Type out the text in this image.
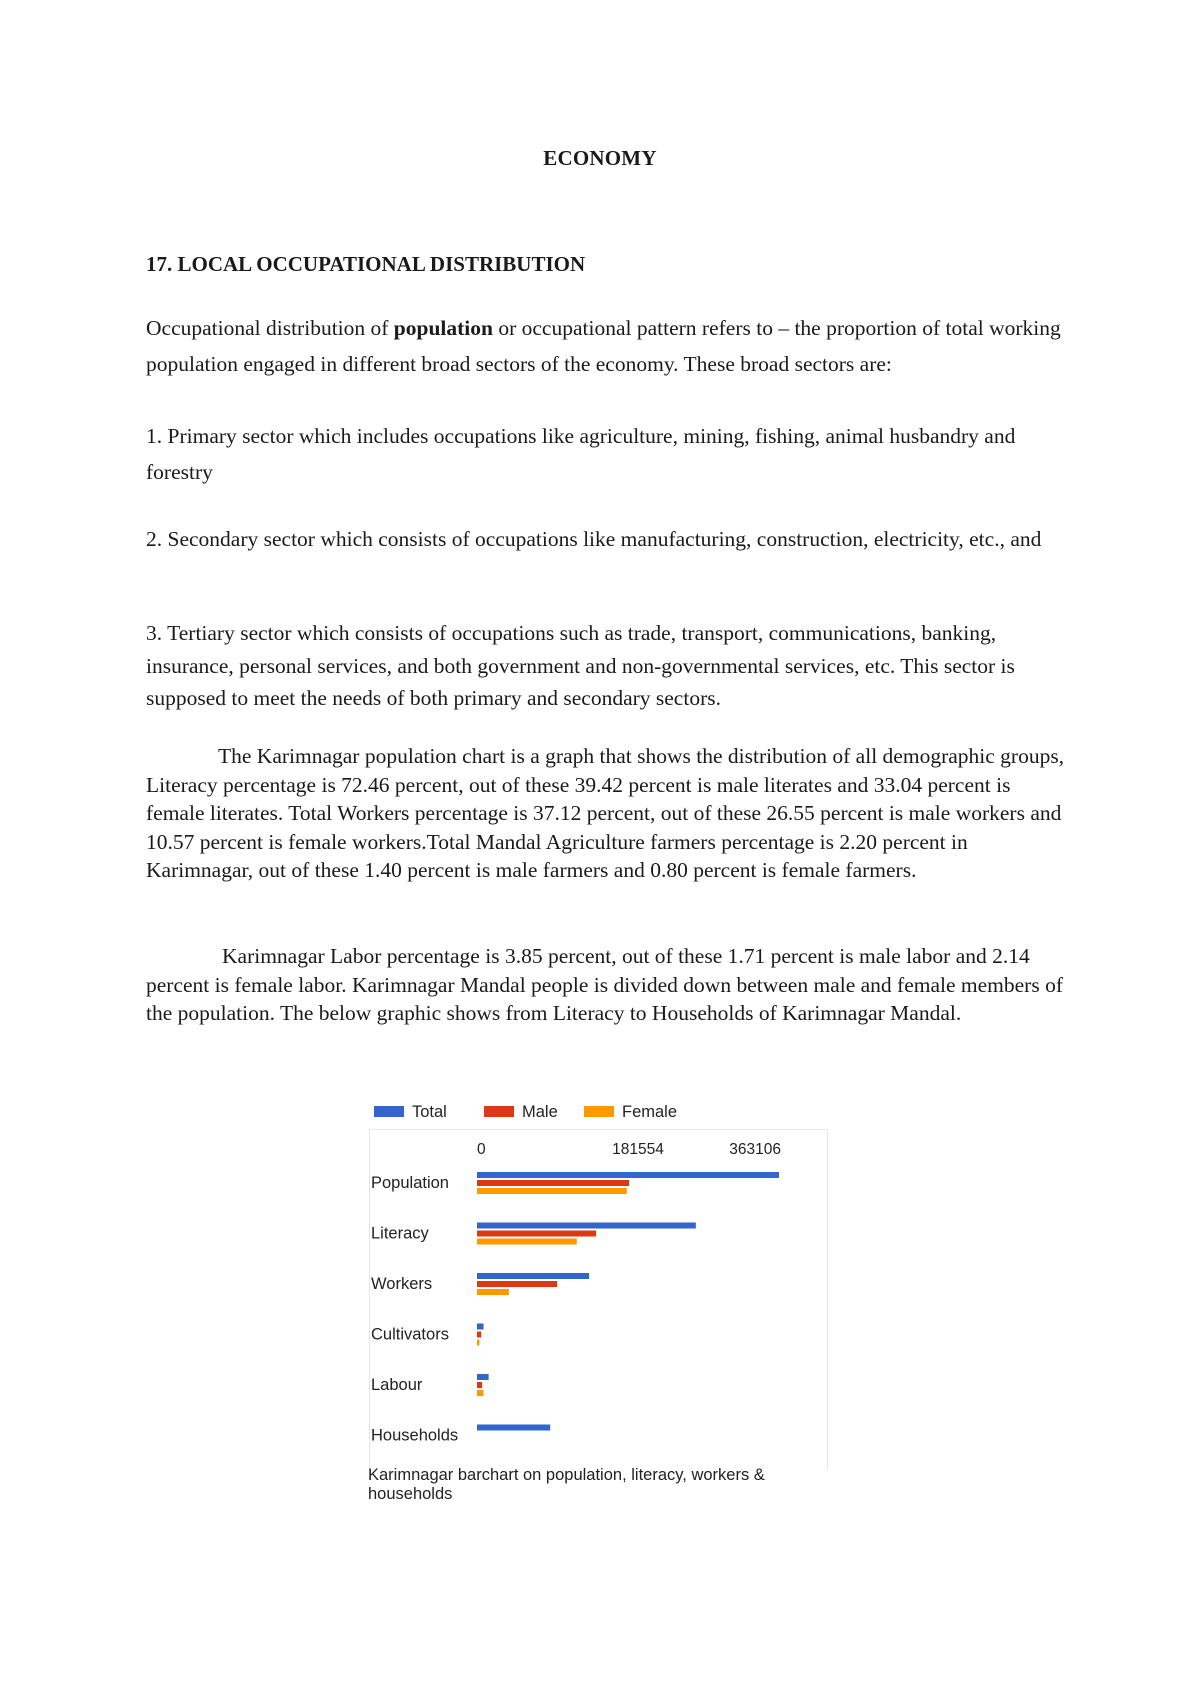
ECONOMY
17. LOCAL OCCUPATIONAL DISTRIBUTION

Occupational distribution of population or occupational pattern refers to – the proportion of total working population engaged in different broad sectors of the economy. These broad sectors are:

1. Primary sector which includes occupations like agriculture, mining, fishing, animal husbandry and forestry

2. Secondary sector which consists of occupations like manufacturing, construction, electricity, etc., and

3. Tertiary sector which consists of occupations such as trade, transport, communications, banking, insurance, personal services, and both government and non-governmental services, etc. This sector is supposed to meet the needs of both primary and secondary sectors.

The Karimnagar population chart is a graph that shows the distribution of all demographic groups, Literacy percentage is 72.46 percent, out of these 39.42 percent is male literates and 33.04 percent is female literates. Total Workers percentage is 37.12 percent, out of these 26.55 percent is male workers and 10.57 percent is female workers.Total Mandal Agriculture farmers percentage is 2.20 percent in Karimnagar, out of these 1.40 percent is male farmers and 0.80 percent is female farmers.

Karimnagar Labor percentage is 3.85 percent, out of these 1.71 percent is male labor and 2.14 percent is female labor. Karimnagar Mandal people is divided down between male and female members of the population. The below graphic shows from Literacy to Households of Karimnagar Mandal.

Total	Male	Female
0	181554	363106
Population
Literacy
Workers
Cultivators
Labour
Households
Karimnagar barchart on population, literacy, workers & households
